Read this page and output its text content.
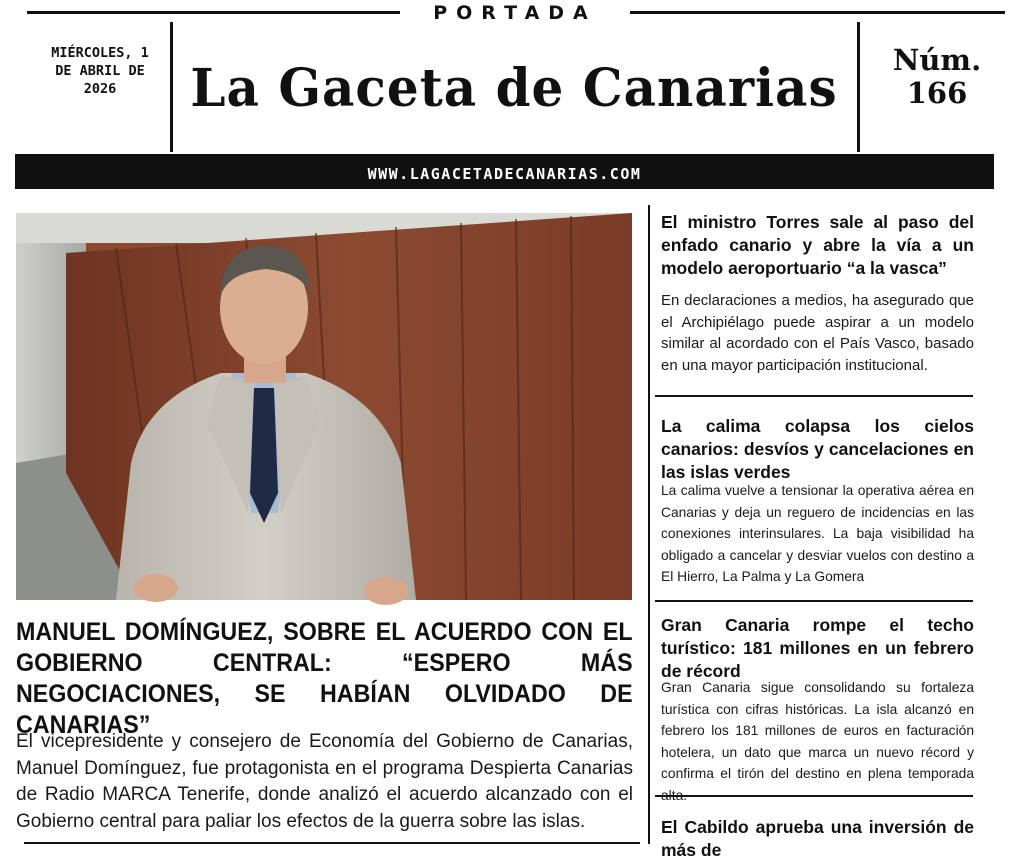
PORTADA
MIÉRCOLES, 1
DE ABRIL DE
2026	La Gaceta de Canarias	Núm.
166
WWW.LAGACETADECANARIAS.COM
MANUEL DOMÍNGUEZ, SOBRE EL ACUERDO CON EL GOBIERNO CENTRAL: “ESPERO MÁS NEGOCIACIONES, SE HABÍAN OLVIDADO DE CANARIAS”

El vicepresidente y consejero de Economía del Gobierno de Canarias, Manuel Domínguez, fue protagonista en el programa Despierta Canarias de Radio MARCA Tenerife, donde analizó el acuerdo alcanzado con el Gobierno central para paliar los efectos de la guerra sobre las islas.

El ministro Torres sale al paso del enfado canario y abre la vía a un modelo aeroportuario “a la vasca”

En declaraciones a medios, ha asegurado que el Archipiélago puede aspirar a un modelo similar al acordado con el País Vasco, basado en una mayor participación institucional.

La calima colapsa los cielos canarios: desvíos y cancelaciones en las islas verdes

La calima vuelve a tensionar la operativa aérea en Canarias y deja un reguero de incidencias en las conexiones interinsulares. La baja visibilidad ha obligado a cancelar y desviar vuelos con destino a El Hierro, La Palma y La Gomera

Gran Canaria rompe el techo turístico: 181 millones en un febrero de récord

Gran Canaria sigue consolidando su fortaleza turística con cifras históricas. La isla alcanzó en febrero los 181 millones de euros en facturación hotelera, un dato que marca un nuevo récord y confirma el tirón del destino en plena temporada

El Cabildo aprueba una inversión de más de
